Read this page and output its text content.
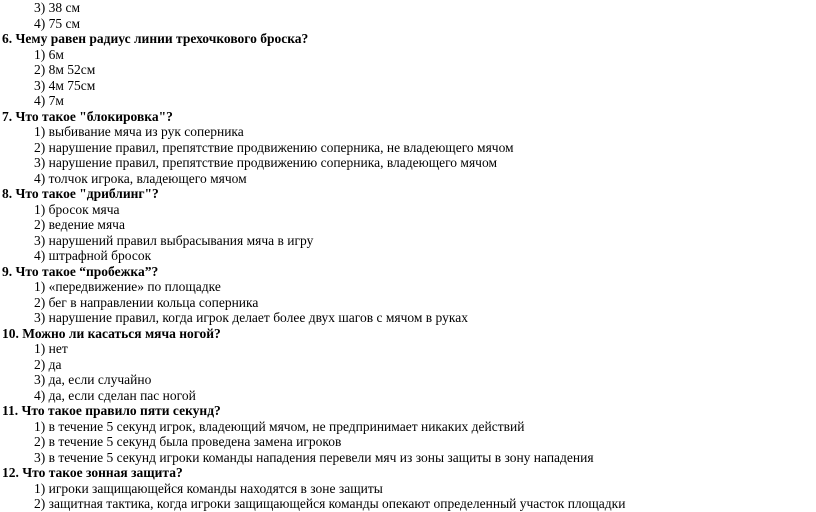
3) 38 см
4) 75 см
6. Чему равен радиус линии трехочкового броска?
1) 6м
2) 8м 52см
3) 4м 75см
4) 7м
7. Что такое "блокировка"?
1) выбивание мяча из рук соперника
2) нарушение правил, препятствие продвижению соперника, не владеющего мячом
3) нарушение правил, препятствие продвижению соперника, владеющего мячом
4) толчок игрока, владеющего мячом
8. Что такое "дриблинг"?
1) бросок мяча
2) ведение мяча
3) нарушений правил выбрасывания мяча в игру
4) штрафной бросок
9. Что такое “пробежка”?
1) «передвижение» по площадке
2) бег в направлении кольца соперника
3) нарушение правил, когда игрок делает более двух шагов с мячом в руках
10. Можно ли касаться мяча ногой?
1) нет
2) да
3) да, если случайно
4) да, если сделан пас ногой
11. Что такое правило пяти секунд?
1) в течение 5 секунд игрок, владеющий мячом, не предпринимает никаких действий
2) в течение 5 секунд была проведена замена игроков
3) в течение 5 секунд игроки команды нападения перевели мяч из зоны защиты в зону нападения
12. Что такое зонная защита?
1) игроки защищающейся команды находятся в зоне защиты
2) защитная тактика, когда игроки защищающейся команды опекают определенный участок площадки
